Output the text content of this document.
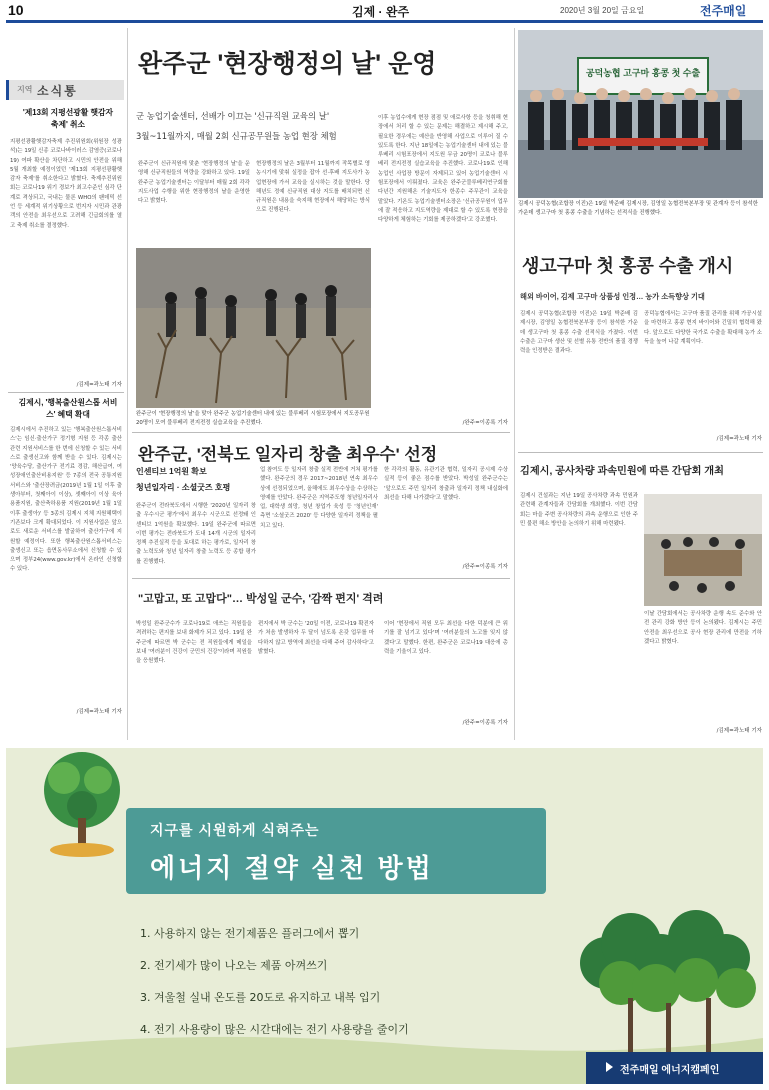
10	김제 · 완주	2020년 3월 20일 금요일	전주매일
지역 소식통
'제13회 지평선광활 햇감자축제' 취소
지평선광활햇감자축제 추진위원회(위원장 성광석)는 19일 신종 코로나바이러스 감염증(코로나19) 여파 확산을 차단하고 시민의 안전을 위해 5월 개최할 예정이었던 '제13회 지평선광활햇감자 축제'를 취소한다고 밝혔다. 축제추진위원회는 코로나19 위기 경보가 최고수준인 심각 단계로 격상되고, 국내는 물론 WHO의 팬데믹 선언 등 세계적 위기상황으로 번지자 시민과 관광객의 안전을 최우선으로 고려해 긴급회의를 열고 축제 취소를 결정했다.
/김제=곽노태 기자
김제시, '행복출산원스톱 서비스' 혜택 확대
김제시에서 추진하고 있는 '행복출산원스톱서비스'는 임신·출산가구 정기형 지원 등 각종 출산 관련 지원서비스를 한 번에 신청할 수 있는 서비스로 출생신고와 함께 받을 수 있다. 김제시는 '양육수당, 출산가구 전기료 경감, 해산급여, 여성장애인출산비용지원' 등 7종의 전국 공통지원 서비스와 '출산장려금(2019년 1월 1일 이후 출생아부터, 첫째아이 이상), 셋째아이 이상 육아용품지원, 출산축하용품 지원(2019년 1월 1일 이후 출생아)' 등 3종의 김제시 지체 지원혜택이 기존보다 크게 확대되었다. 이 지원사업은 앞으로도 새로운 서비스를 발굴하여 출산가구에 지원할 예정이다. 또한 행복출산원스톱서비스는 출생신고 또는 읍면동사무소에서 신청할 수 있으며 정부24(www.gov.kr)에서 온라인 신청할 수 있다.
/김제=곽노태 기자
완주군 '현장행정의 날' 운영
군 농업기술센터, 선배가 이끄는 '신규직원 교육의 날'
3월~11월까지, 매월 2회 신규공무원들 농업 현장 체험
완주군이 신규직원에 맞춘 '현장행정의 날'을 운영해 신규직원들의 역량을 강화하고 있다. 19일 완주군 농업기술센터는 이달부터 매월 2회 각각 지도사업 수행을 위한 현장행정의 날을 운영한다고 밝혔다.
현장행정의 날은 3월부터 11월까지 작목별로 영농시기에 맞춰 실정을 잡아 선·후배 지도사가 농업현장에 가서 교육을 실시하는 것을 말한다. 당해년도 정예 신규직원 대상 지도를 배치되면 신규직원은 내용을 숙지해 현장에서 해당하는 방식으로 진행된다.
이후 농업수에게 현장 점점 및 애로사항 등을 청취해 현장에서 처리 할 수 있는 문제는 해결하고 제시해 주고, 필요한 경우에는 예산을 반영해 사업으로 이루어 질 수 있도록 한다. 지난 18일에는 농업기술센터 내에 있는 블루베리 시험포장에서 지도원 무금 20명이 코로나 블루베리 전지전정 실습교육을 추진했다. 코로나19로 인해 농업인 사업장 방문이 자제되고 있어 농업기술센터 시험포장에서 이뤄졌다. 교육은 완주군블루베리연구회를 다년간 지원해온 기술지도자 한종수 주무관이 교육을 맡았다. 기온도 농업기술센터소장은 '신규공무원이 업무에 잘 적응하고 지도역량을 제대로 할 수 있도록 현장을 다양하게 체험하는 기회를 제공하겠다'고 강조했다.
완주군이 '현장행정의 날'을 맞아 완주군 농업기술센터 내에 있는 블루베리 시험포장에서 지도공무원 20명이 모여 블루베리 전지전정 실습교육을 추진했다.	/완주=이종록 기자
완주군, '전북도 일자리 창출 최우수' 선정
인센티브 1억원 확보
청년일자리 · 소셜굿즈 호평
완주군이 전라북도에서 시행한 '2020년 일자리 창출 우수시군 평가'에서 최우수 시군으로 선정돼 인센티브 1억원을 확보했다. 19일 완주군에 따르면 이번 평가는 전라북도가 도내 14개 시군의 일자리정책 추진실적 등을 토대로 하는 평가로, 일자리 창출 노력도와 청년 일자리 창출 노력도 등 종합 평가를 진행했다.
업 참여도 등 일자리 창출 실적 전반에 거쳐 평가를 했다. 완주군의 경우 2017~2018년 연속 최우수상에 선정되었으며, 올해에도 최우수상을 수상하는 영예를 안았다. 완주군은 지역주도형 청년일자리사업, 대학생 희망, 청년 창업가 육성 등 '청년인재' 측면 '소셜굿즈 2020' 등 다양한 일자리 정책을 펼치고 있다.
한 각각의 활동, 유관기관 협력, 일자리 공시제 수상 실적 등이 좋은 점수를 받았다. 박성일 완주군수는 '앞으로도 주민 일자리 창출과 일자리 정책 내실화에 최선을 다해 나가겠다'고 말했다.
/완주=이종록 기자
"고맙고, 또 고맙다"… 박성일 군수, '감짝 편지' 격려
박성일 완주군수가 코로나19로 애쓰는 직원들을 격려하는 편지를 보내 화제가 되고 있다. 19일 완주군에 따르면 박 군수는 전 직원들에게 메일을 보내 '여러분이 건강이 군민의 건강'이라며 직원들을 응원했다.
편지에서 박 군수는 '20일 이전, 코로나19 확진자가 처음 발생하자 두 달이 넘도록 온갖 업무를 마다하지 않고 방역에 최선을 다해 주어 감사하다'고 밝혔다.
이어 '현장에서 직원 모두 최선을 다한 덕분에 큰 위기를 잘 넘기고 있다'며 '여러분들의 노고를 잊지 않겠다'고 말했다. 한편, 완주군은 코로나19 대응에 총력을 기울이고 있다.
/완주=이종록 기자
공덕농협 고구마 홍콩 첫 수출
김제시 공덕농협(조합장 이진)은 19일 박준배 김제시장, 김영일 농협전북본부장 및 관계자 등이 참석한 가운데 생고구마 첫 홍콩 수출을 기념하는 선적식을 진행했다.
생고구마 첫 홍콩 수출 개시
해외 바이어, 김제 고구마 상품성 인정… 농가 소득향상 기대
김제시 공덕농협(조합장 이진)은 19일 박준배 김제시장, 김영일 농협전북본부장 등이 참석한 가운데 생고구마 첫 홍콩 수출 선적식을 가졌다. 이번 수출은 고구마 생산 및 선별 유통 전반의 품질 경쟁력을 인정받은 결과다.
공덕농협에서는 고구마 품질 관리를 위해 가공시설을 마련하고 홍콩 현지 바이어와 긴밀히 협력해 왔다. 앞으로도 다양한 국가로 수출을 확대해 농가 소득을 높여 나갈 계획이다.
/김제=곽노태 기자
김제시, 공사차량 과속민원에 따른 간담회 개최
김제시 건설과는 지난 19일 공사차량 과속 민원과 관련해 관계자들과 간담회를 개최했다. 이번 간담회는 마을 주변 공사차량의 과속 운행으로 인한 주민 불편 해소 방안을 논의하기 위해 마련됐다.
이날 간담회에서는 공사차량 운행 속도 준수와 안전 관리 강화 방안 등이 논의됐다. 김제시는 주민 안전을 최우선으로 공사 현장 관리에 만전을 기하겠다고 밝혔다.
/김제=곽노태 기자
지구를 시원하게 식혀주는
에너지 절약 실천 방법
1. 사용하지 않는 전기제품은 플러그에서 뽑기
2. 전기세가 많이 나오는 제품 아껴쓰기
3. 겨울철 실내 온도를 20도로 유지하고 내복 입기
4. 전기 사용량이 많은 시간대에는 전기 사용량을 줄이기
전주매일 에너지캠페인
